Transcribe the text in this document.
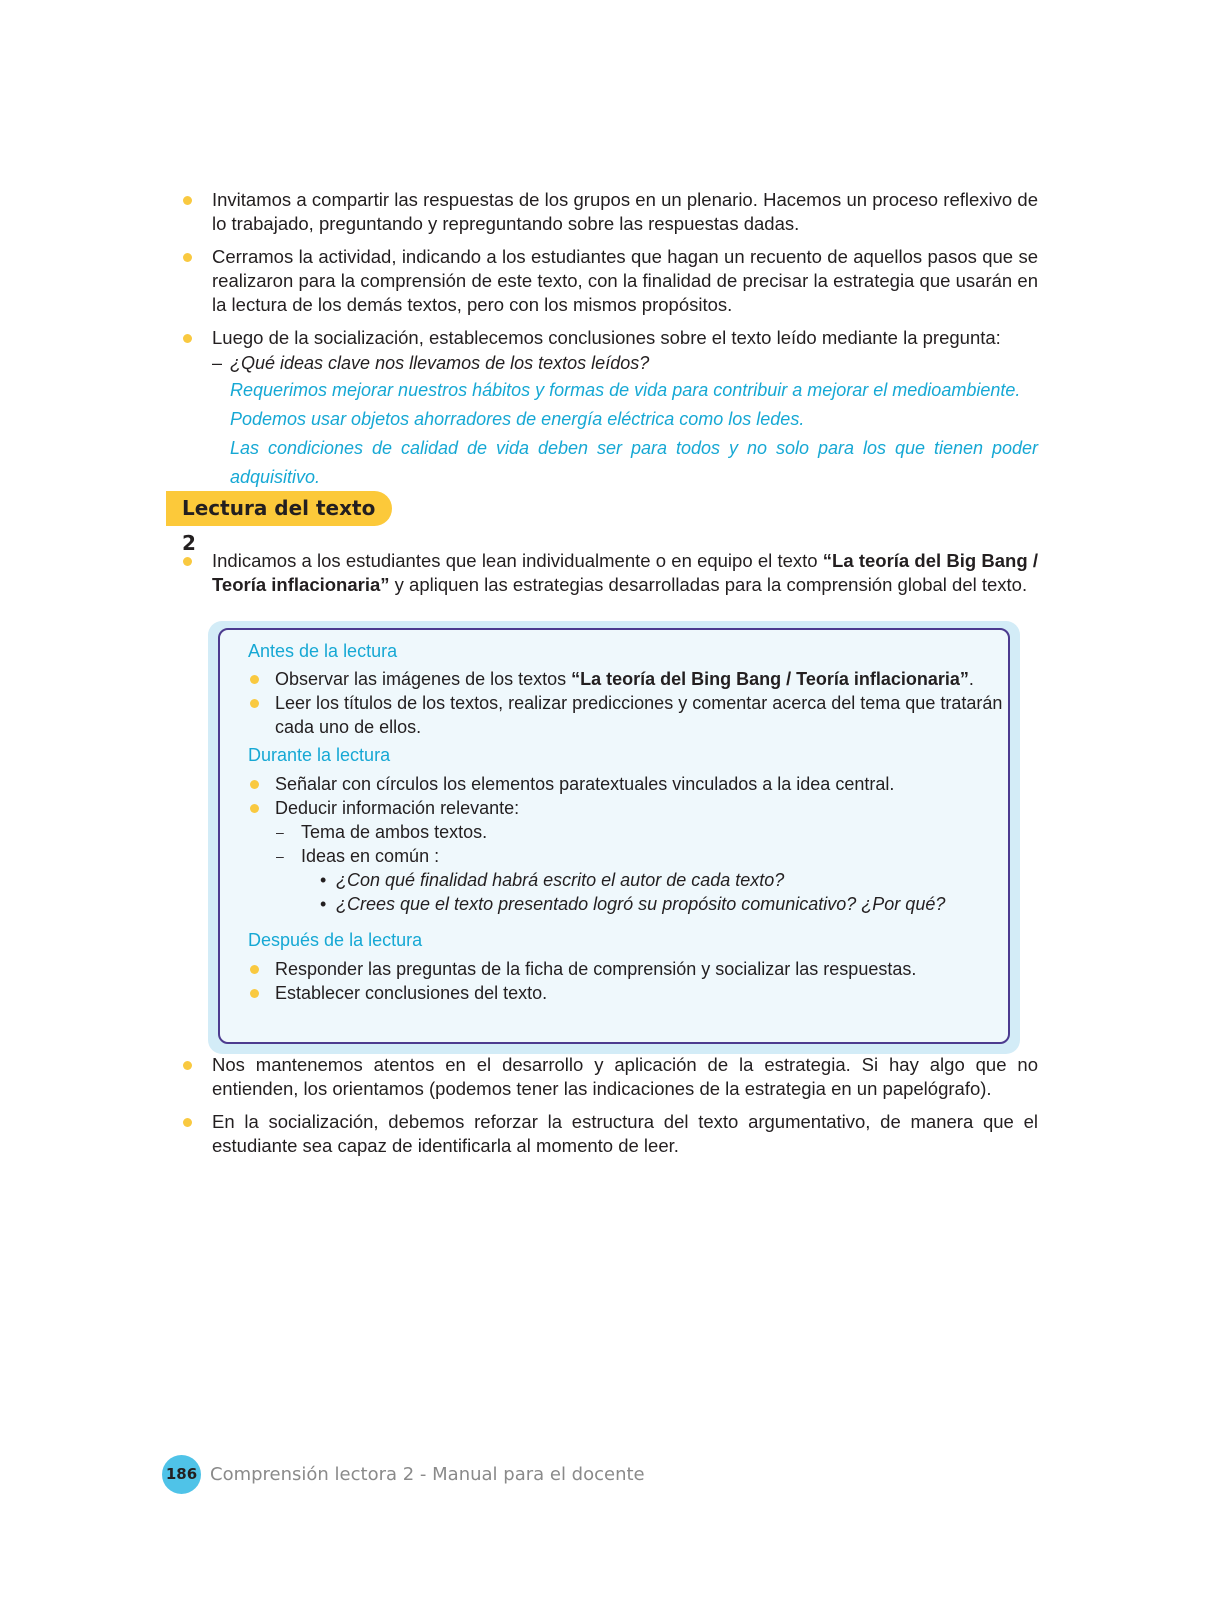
Invitamos a compartir las respuestas de los grupos en un plenario. Hacemos un proceso reflexivo de lo trabajado, preguntando y repreguntando sobre las respuestas dadas.
Cerramos la actividad, indicando a los estudiantes que hagan un recuento de aquellos pasos que se realizaron para la comprensión de este texto, con la finalidad de precisar la estrategia que usarán en la lectura de los demás textos, pero con los mismos propósitos.
Luego de la socialización, establecemos conclusiones sobre el texto leído mediante la pregunta:
– ¿Qué ideas clave nos llevamos de los textos leídos?
Requerimos mejorar nuestros hábitos y formas de vida para contribuir a mejorar el medioambiente.
Podemos usar objetos ahorradores de energía eléctrica como los ledes.
Las condiciones de calidad de vida deben ser para todos y no solo para los que tienen poder adquisitivo.
Lectura del texto 2
Indicamos a los estudiantes que lean individualmente o en equipo el texto “La teoría del Big Bang / Teoría inflacionaria” y apliquen las estrategias desarrolladas para la comprensión global del texto.
Antes de la lectura
Observar las imágenes de los textos “La teoría del Bing Bang / Teoría inflacionaria”.
Leer los títulos de los textos, realizar predicciones y comentar acerca del tema que tratarán cada uno de ellos.
Durante la lectura
Señalar con círculos los elementos paratextuales vinculados a la idea central.
Deducir información relevante:
– Tema de ambos textos.
– Ideas en común :
• ¿Con qué finalidad habrá escrito el autor de cada texto?
• ¿Crees que el texto presentado logró su propósito comunicativo? ¿Por qué?
Después de la lectura
Responder las preguntas de la ficha de comprensión y socializar las respuestas.
Establecer conclusiones del texto.
Nos mantenemos atentos en el desarrollo y aplicación de la estrategia. Si hay algo que no entienden, los orientamos (podemos tener las indicaciones de la estrategia en un papelógrafo).
En la socialización, debemos reforzar la estructura del texto argumentativo, de manera que el estudiante sea capaz de identificarla al momento de leer.
186 Comprensión lectora 2 - Manual para el docente
